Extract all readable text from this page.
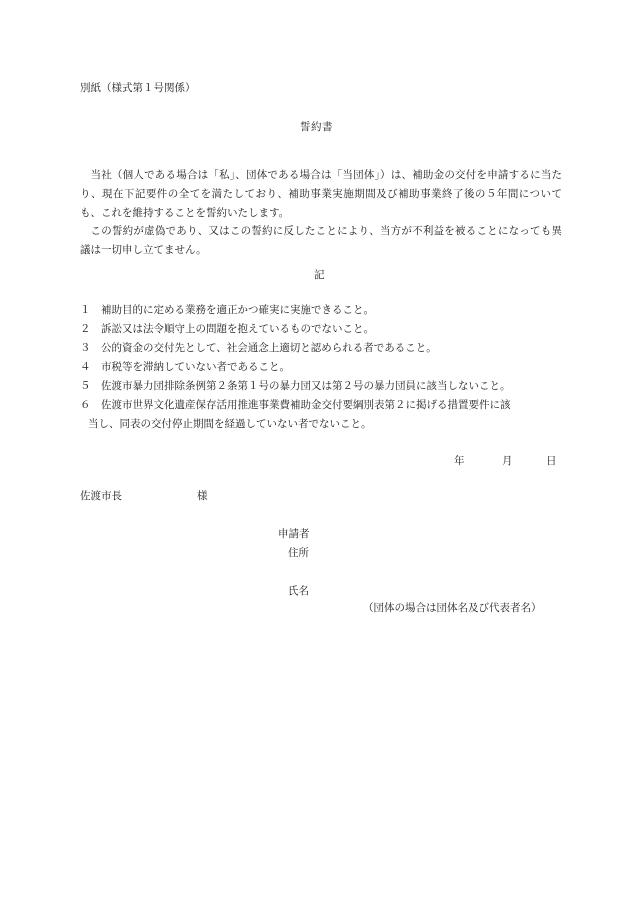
別紙（様式第１号関係）
誓約書

当社（個人である場合は「私」、団体である場合は「当団体」）は、補助金の交付を申請するに当たり、現在下記要件の全てを満たしており、補助事業実施期間及び補助事業終了後の５年間についても、これを維持することを誓約いたします。

この誓約が虚偽であり、又はこの誓約に反したことにより、当方が不利益を被ることになっても異議は一切申し立てません。

記
１	補助目的に定める業務を適正かつ確実に実施できること。
２	訴訟又は法令順守上の問題を抱えているものでないこと。
３	公的資金の交付先として、社会通念上適切と認められる者であること。
４	市税等を滞納していない者であること。
５	佐渡市暴力団排除条例第２条第１号の暴力団又は第２号の暴力団員に該当しないこと。
６	佐渡市世界文化遺産保存活用推進事業費補助金交付要綱別表第２に掲げる措置要件に該
当し、同表の交付停止期間を経過していない者でないこと。
年	月	日
佐渡市長	様
申請者
住所
氏名
（団体の場合は団体名及び代表者名）
